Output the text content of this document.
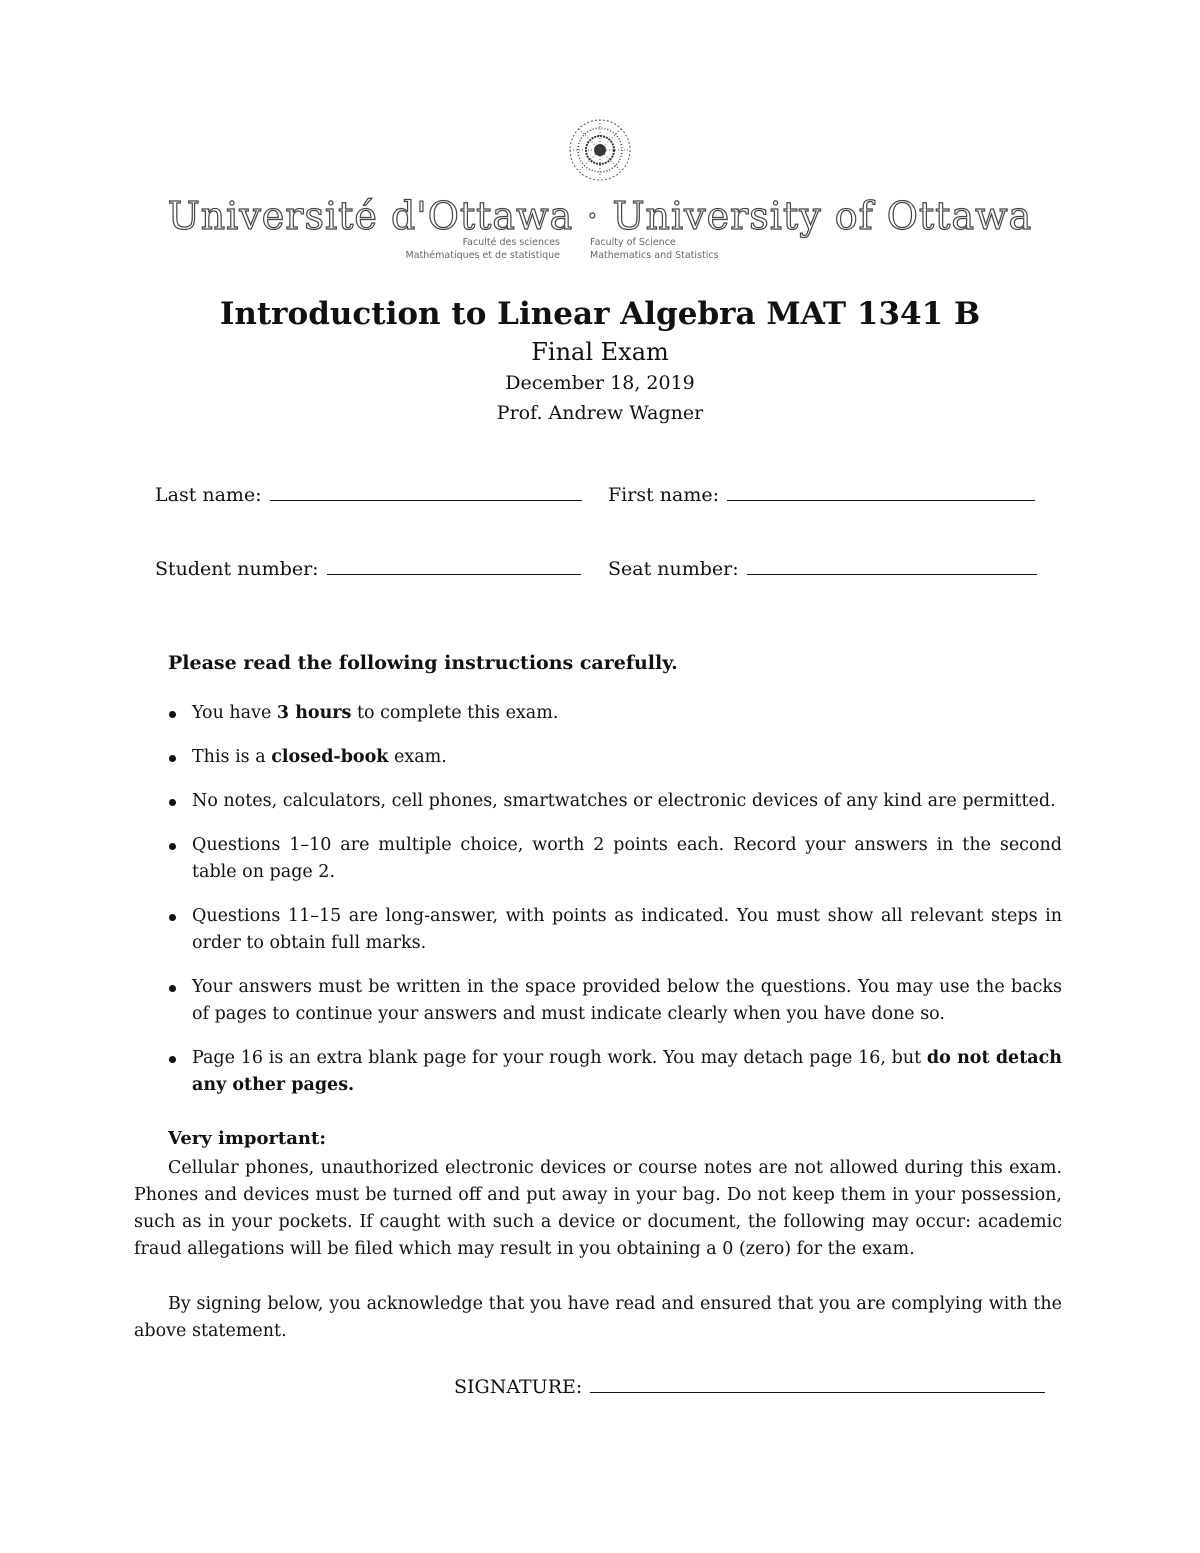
Université d'Ottawa · University of Ottawa
Faculté des sciences
Mathématiques et de statistique
Faculty of Science
Mathematics and Statistics
Introduction to Linear Algebra MAT 1341 B
Final Exam
December 18, 2019
Prof. Andrew Wagner
Last name:	First name:
Student number:	Seat number:
Please read the following instructions carefully.
You have 3 hours to complete this exam.
This is a closed-book exam.
No notes, calculators, cell phones, smartwatches or electronic devices of any kind are permitted.
Questions 1–10 are multiple choice, worth 2 points each. Record your answers in the second table on page 2.
Questions 11–15 are long-answer, with points as indicated. You must show all relevant steps in order to obtain full marks.
Your answers must be written in the space provided below the questions. You may use the backs of pages to continue your answers and must indicate clearly when you have done so.
Page 16 is an extra blank page for your rough work. You may detach page 16, but do not detach any other pages.
Very important:

Cellular phones, unauthorized electronic devices or course notes are not allowed during this exam. Phones and devices must be turned off and put away in your bag. Do not keep them in your possession, such as in your pockets. If caught with such a device or document, the following may occur: academic fraud allegations will be filed which may result in you obtaining a 0 (zero) for the exam.

By signing below, you acknowledge that you have read and ensured that you are complying with the above statement.

SIGNATURE:
